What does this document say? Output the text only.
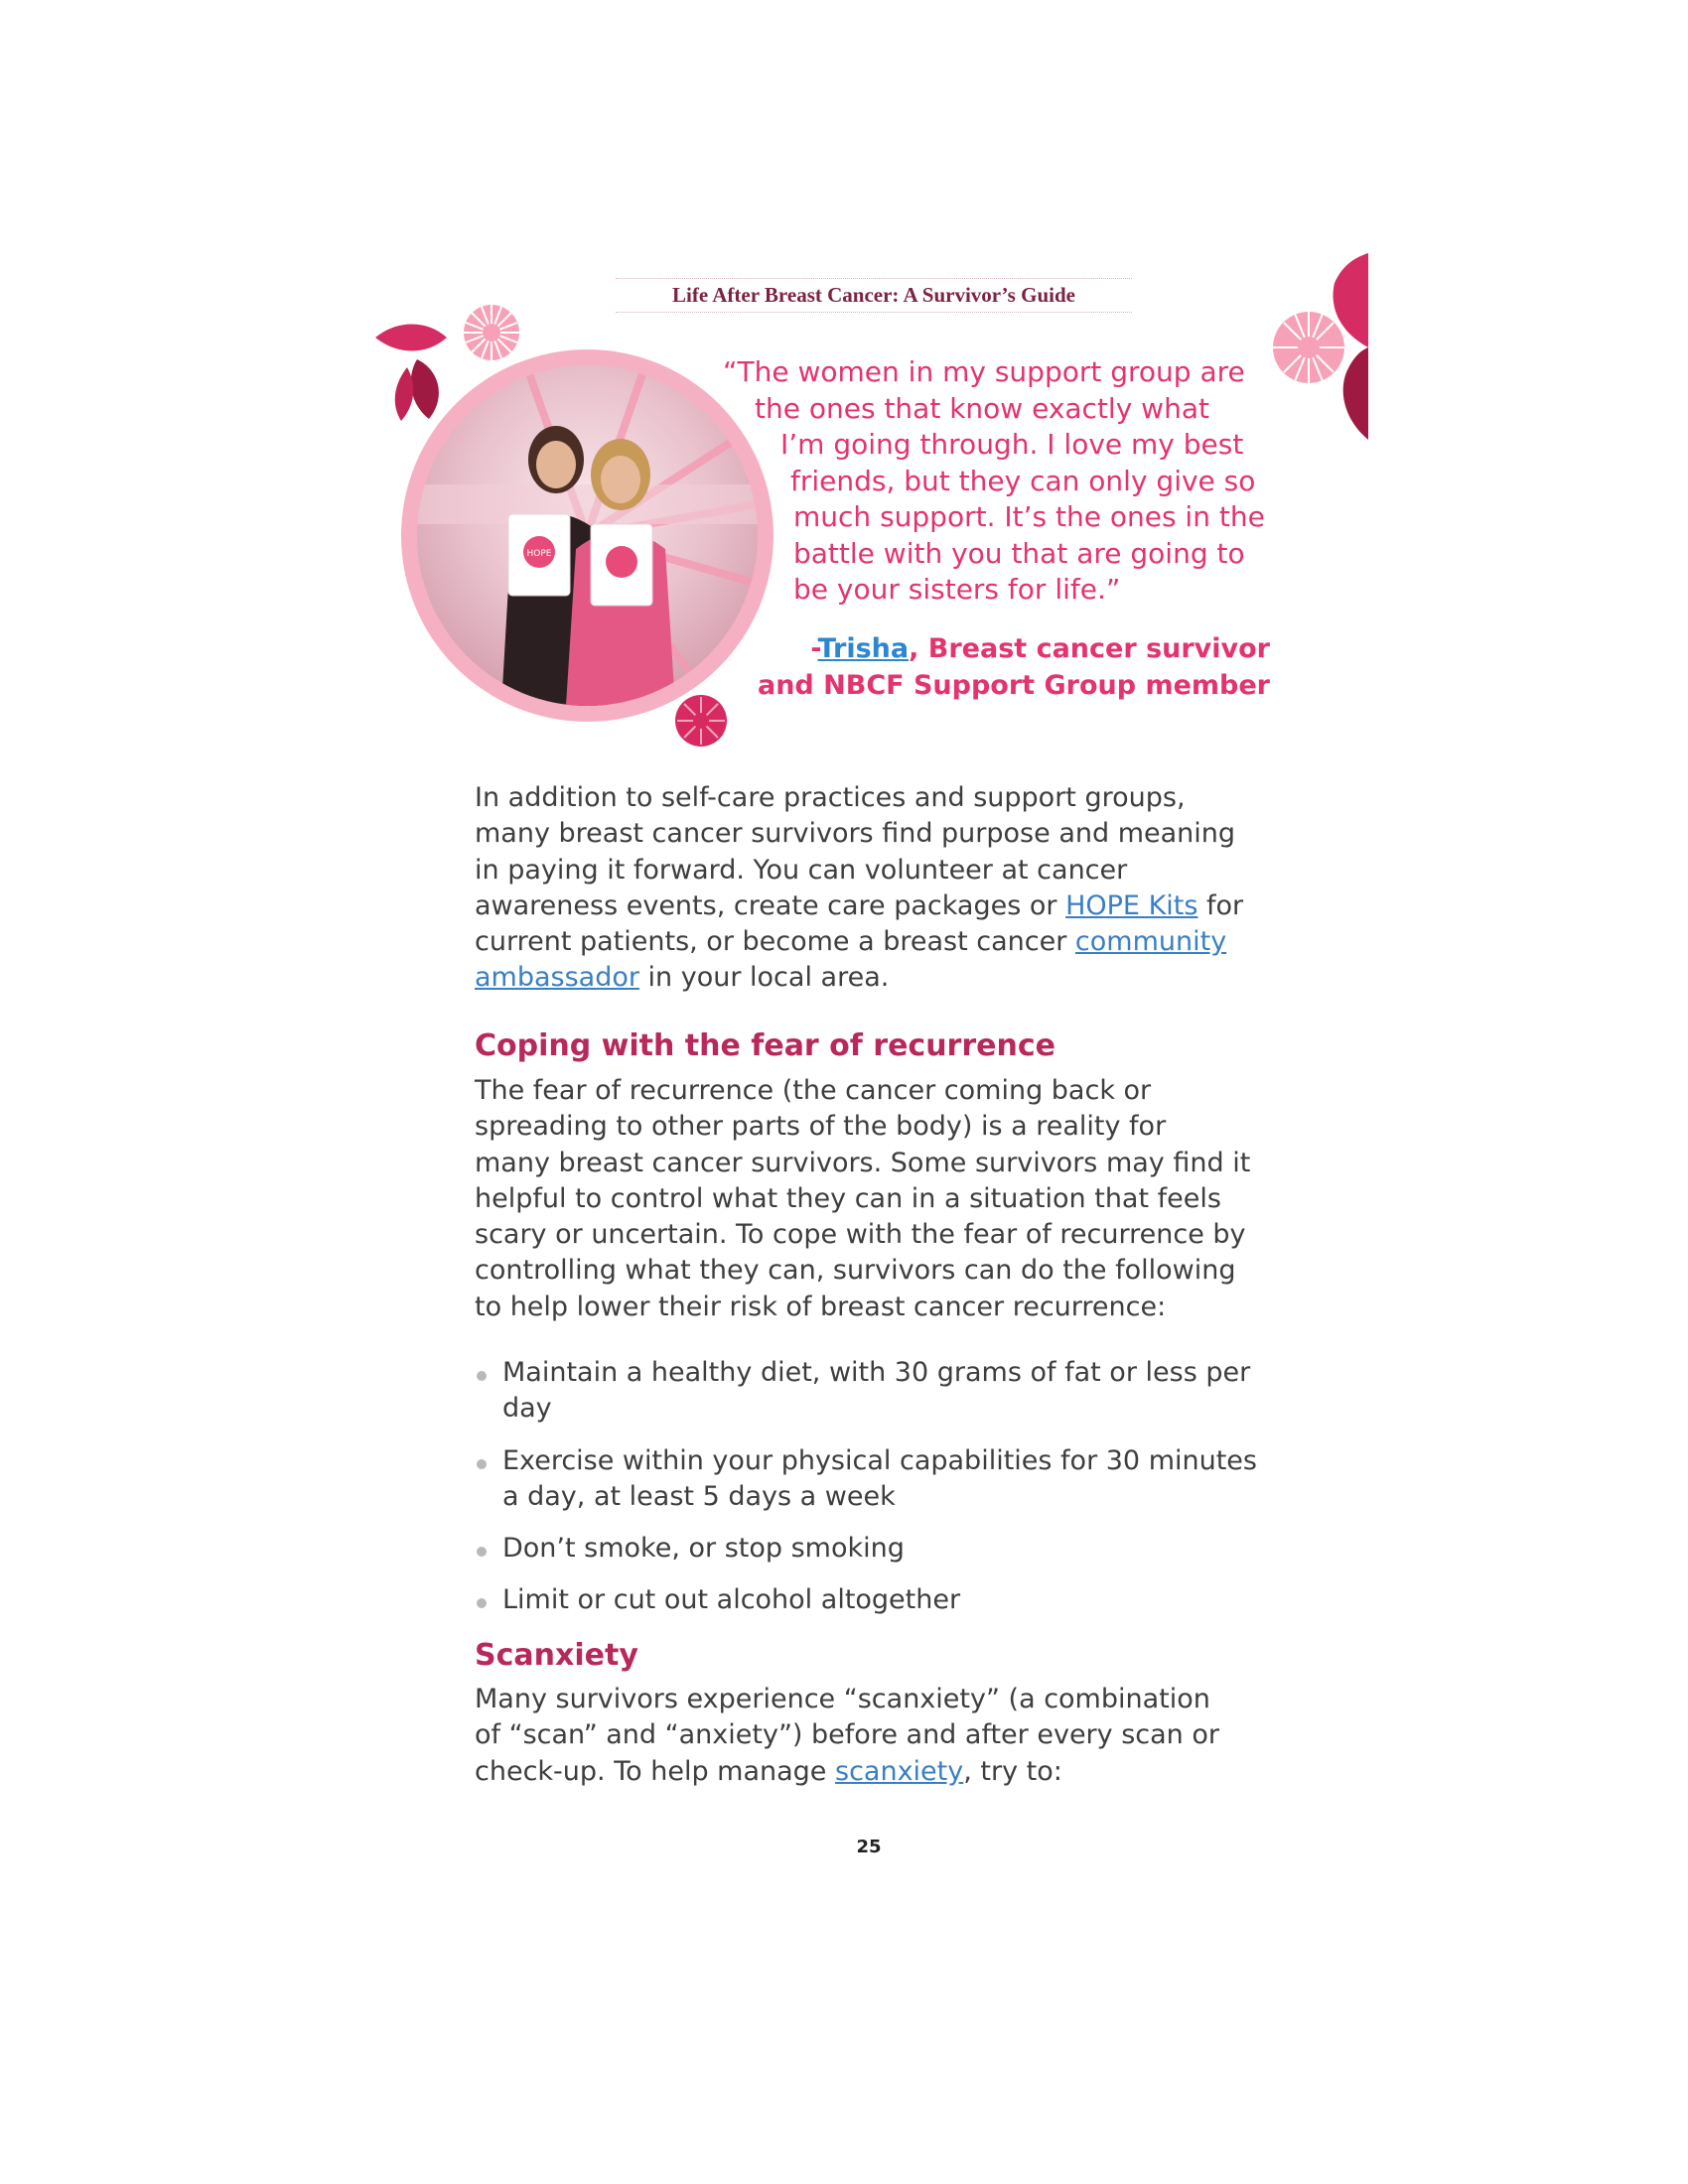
Life After Breast Cancer: A Survivor’s Guide
HOPE
“The women in my support group are
the ones that know exactly what
I’m going through. I love my best
friends, but they can only give so
much support. It’s the ones in the
battle with you that are going to
be your sisters for life.”
-Trisha, Breast cancer survivor
and NBCF Support Group member
In addition to self-care practices and support groups,
many breast cancer survivors find purpose and meaning
in paying it forward. You can volunteer at cancer
awareness events, create care packages or HOPE Kits for
current patients, or become a breast cancer community
ambassador in your local area.
Coping with the fear of recurrence
The fear of recurrence (the cancer coming back or
spreading to other parts of the body) is a reality for
many breast cancer survivors. Some survivors may find it
helpful to control what they can in a situation that feels
scary or uncertain. To cope with the fear of recurrence by
controlling what they can, survivors can do the following
to help lower their risk of breast cancer recurrence:
Maintain a healthy diet, with 30 grams of fat or less per
day
Exercise within your physical capabilities for 30 minutes
a day, at least 5 days a week
Don’t smoke, or stop smoking
Limit or cut out alcohol altogether
Scanxiety
Many survivors experience “scanxiety” (a combination
of “scan” and “anxiety”) before and after every scan or
check-up. To help manage scanxiety, try to:
25
